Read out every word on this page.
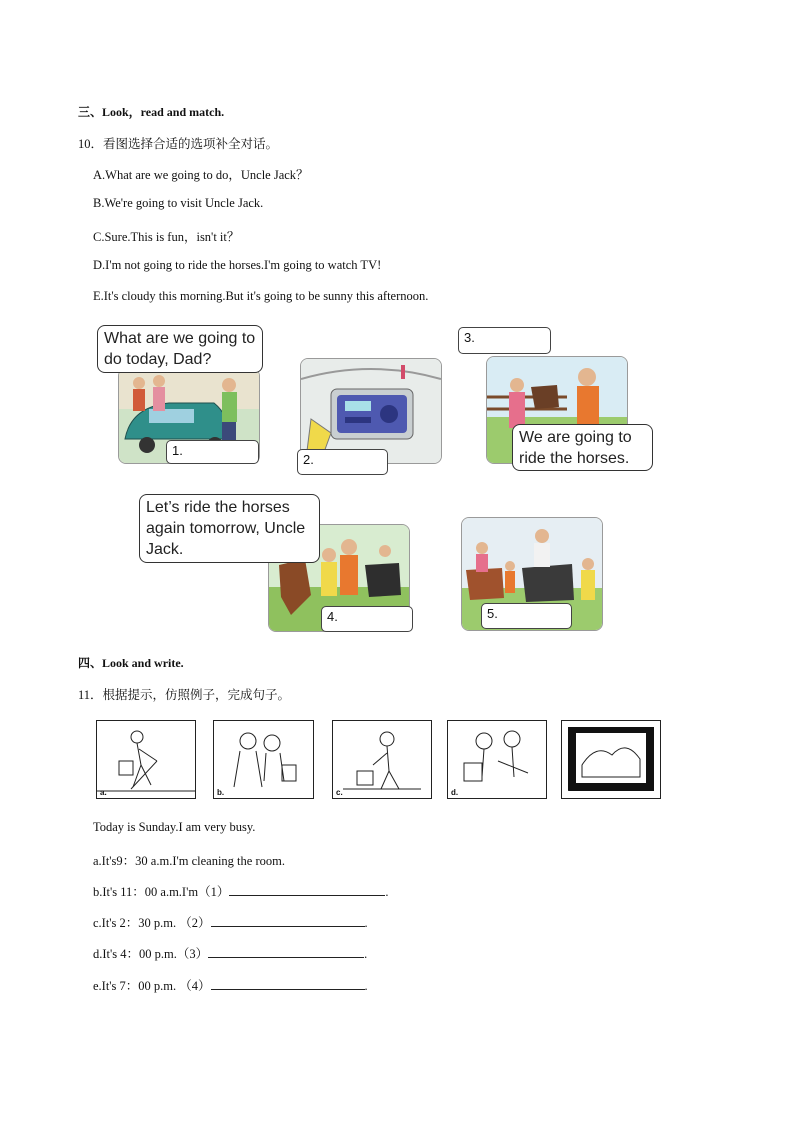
三、Look，read and match.
10．看图选择合适的选项补全对话。
A.What are we going to do，Uncle Jack？
B.We're going to visit Uncle Jack.
C.Sure.This is fun，isn't it？
D.I'm not going to ride the horses.I'm going to watch TV!
E.It's cloudy this morning.But it's going to be sunny this afternoon.
What are we going to do today, Dad?
1.
2.
3.
We are going to ride the horses.
Let’s ride the horses again tomorrow, Uncle Jack.
4.	5.
四、Look and write.
11．根据提示，仿照例子，完成句子。
a.	b.	c.	d.	e.
Today is Sunday.I am very busy.
a.It's9：30 a.m.I'm cleaning the room.
b.It's 11：00 a.m.I'm（1）	.
c.It's 2：30 p.m. （2）	.
d.It's 4：00 p.m.（3）	.
e.It's 7：00 p.m. （4）	.
